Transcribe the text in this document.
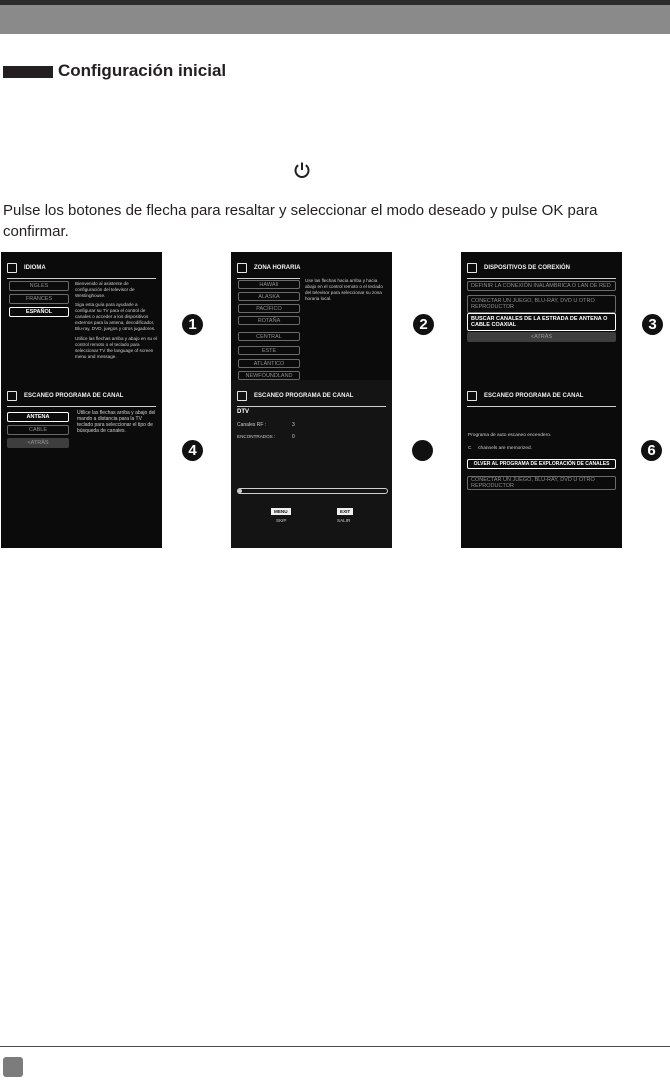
Configuración inicial
Pulse los botones de flecha para resaltar y seleccionar el modo deseado y pulse OK para confirmar.
IDIOMA
NGLES
FRANCES
ESPAÑOL
Bienvenido al asistente de configuración del televisor de Westinghouse.
Siga esta guía para ayudarle a configurar su TV para el control de canales o acceder a los dispositivos externos para la antena, decodificador, Blu-ray, DVD, juegos y otros jugadores.
Utilice las flechas arriba y abajo en su el control remoto o el teclado para seleccionar TV the language of screen menu and message.
1
ZONA HORARIA
HAWAII
ALASKA
PACÍFICO
ROTAÑA
CENTRAL
ESTE
ATLÁNTICO
NEWFOUNDLAND
Use las flechas hacia arriba y hacia abajo en el control remoto o el teclado del televisor para seleccionar su zona horaria local.
2
DISPOSITIVOS DE COREXIÓN
DEFINIR LA CONEXIÓN INALÁMBRICA O LAN DE RED
CONECTAR UN JUEGO, BLU-RAY, DVD U OTRO REPRODUCTOR
BUSCAR CANALES DE LA ESTRADA DE ANTENA O CABLE COAXIAL
< ATRÁS
3
ESCANEO PROGRAMA DE CANAL
ANTENA
CABLE
< ATRÁS
Utilice las flechas arriba y abajo del mando a distancia para la TV teclado para seleccionar el tipo de búsqueda de canales.
4
ESCANEO PROGRAMA DE CANAL
DTV
Canales RF :	3
ENCONTRADOS :	0
MENU
SKIP
EXIT
SALIR
ESCANEO PROGRAMA DE CANAL
Programa de auto escaneo encendero.
C     channels are memorized.
OLVER AL PROGRAMA DE EXPLORACIÓN DE CANALES
CONECTAR UN JUEGO, BLU-RAY, DVD U OTRO REPRODUCTOR
6
